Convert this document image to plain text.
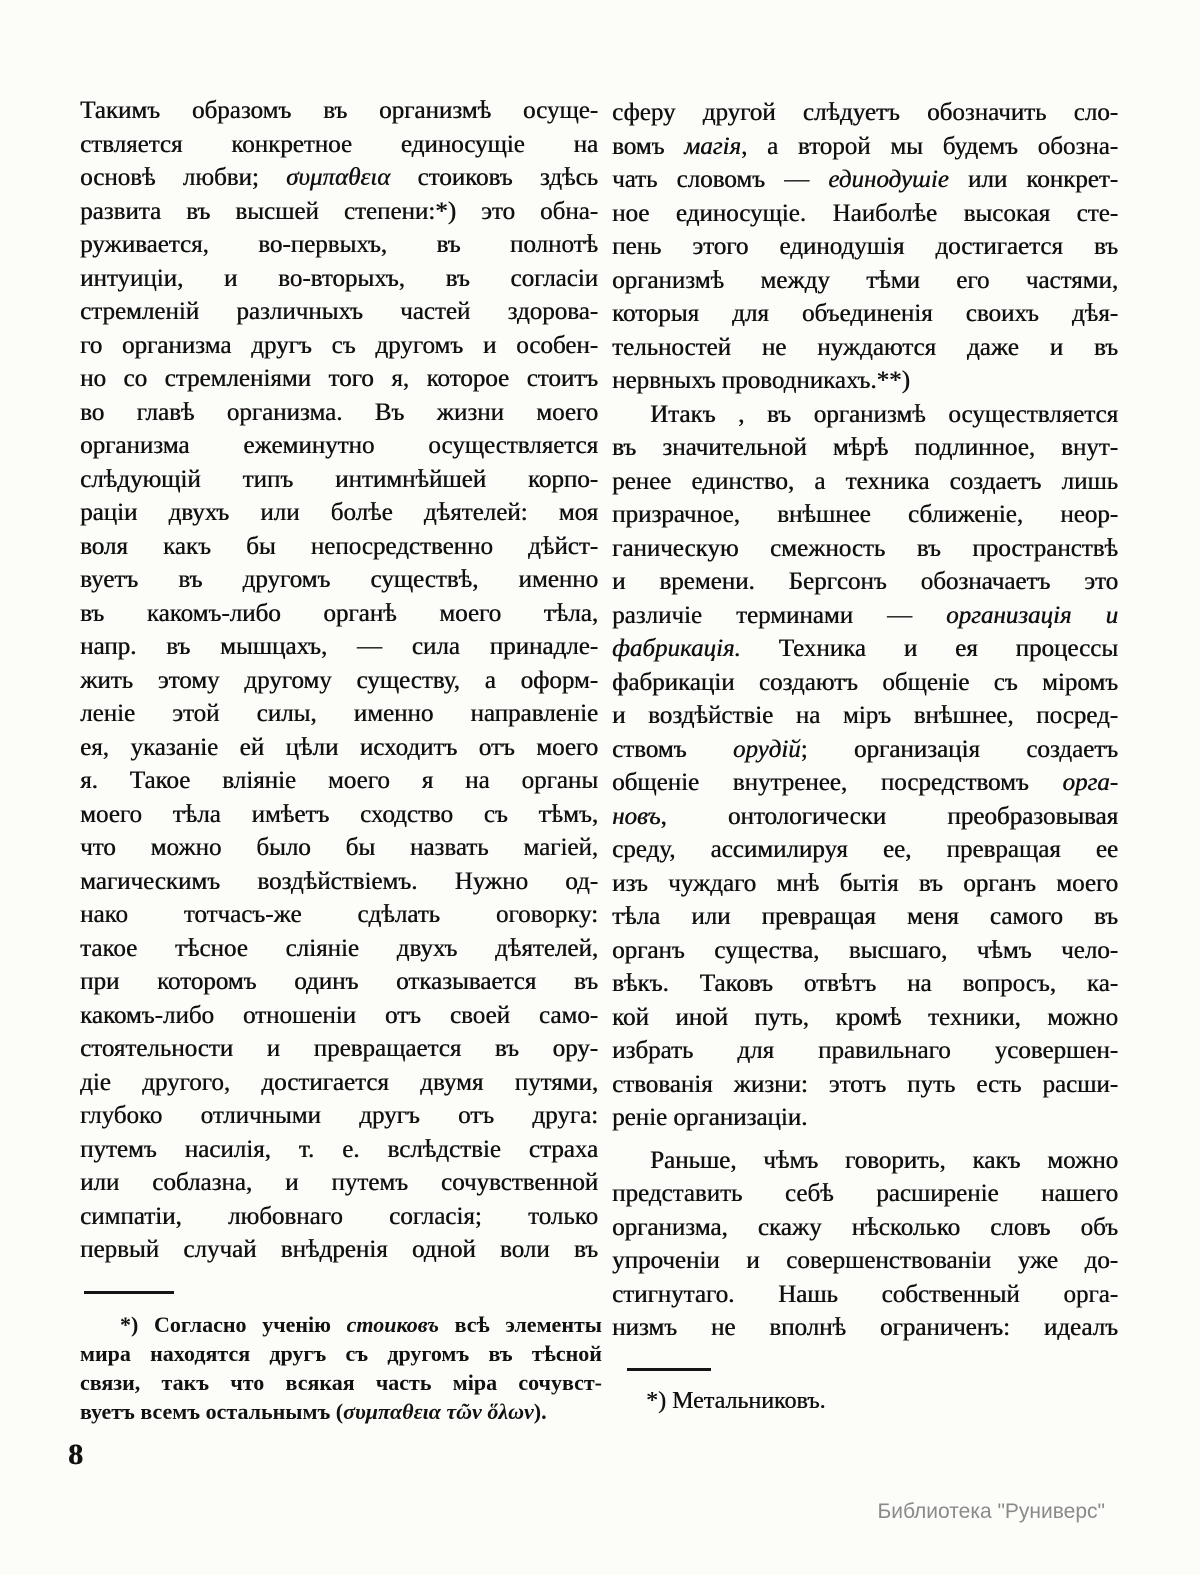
Такимъ образомъ въ организмѣ осуще-
ствляется конкретное единосущіе на
основѣ любви; συμπαθεια стоиковъ здѣсь
развита въ высшей степени:*) это обна-
руживается, во-первыхъ, въ полнотѣ
интуиціи, и во-вторыхъ, въ согласіи
стремленій различныхъ частей здорова-
го организма другъ съ другомъ и особен-
но со стремленіями того я, которое стоитъ
во главѣ организма. Въ жизни моего
организма ежеминутно осуществляется
слѣдующій типъ интимнѣйшей корпо-
раціи двухъ или болѣе дѣятелей: моя
воля какъ бы непосредственно дѣйст-
вуетъ въ другомъ существѣ, именно
въ какомъ-либо органѣ моего тѣла,
напр. въ мышцахъ, — сила принадле-
жить этому другому существу, а оформ-
леніе этой силы, именно направленіе
ея, указаніе ей цѣли исходитъ отъ моего
я. Такое вліяніе моего я на органы
моего тѣла имѣетъ сходство съ тѣмъ,
что можно было бы назвать магіей,
магическимъ воздѣйствіемъ. Нужно од-
нако тотчасъ-же сдѣлать оговорку:
такое тѣсное сліяніе двухъ дѣятелей,
при которомъ одинъ отказывается въ
какомъ-либо отношеніи отъ своей само-
стоятельности и превращается въ ору-
діе другого, достигается двумя путями,
глубоко отличными другъ отъ друга:
путемъ насилія, т. е. вслѣдствіе страха
или соблазна, и путемъ сочувственной
симпатіи, любовнаго согласія; только
первый случай внѣдренія одной воли въ
сферу другой слѣдуетъ обозначить сло-
вомъ магія, а второй мы будемъ обозна-
чать словомъ — единодушіе или конкрет-
ное единосущіе. Наиболѣе высокая сте-
пень этого единодушія достигается въ
организмѣ между тѣми его частями,
которыя для объединенія своихъ дѣя-
тельностей не нуждаются даже и въ
нервныхъ проводникахъ.**)
Итакъ , въ организмѣ осуществляется
въ значительной мѣрѣ подлинное, внут-
ренее единство, а техника создаетъ лишь
призрачное, внѣшнее сближеніе, неор-
ганическую смежность въ пространствѣ
и времени. Бергсонъ обозначаетъ это
различіе терминами — организація и
фабрикація. Техника и ея процессы
фабрикаціи создаютъ общеніе съ міромъ
и воздѣйствіе на міръ внѣшнее, посред-
ствомъ орудій; организація создаетъ
общеніе внутренее, посредствомъ орга-
новъ, онтологически преобразовывая
среду, ассимилируя ее, превращая ее
изъ чуждаго мнѣ бытія въ органъ моего
тѣла или превращая меня самого въ
органъ существа, высшаго, чѣмъ чело-
вѣкъ. Таковъ отвѣтъ на вопросъ, ка-
кой иной путь, кромѣ техники, можно
избрать для правильнаго усовершен-
ствованія жизни: этотъ путь есть расши-
реніе организаціи.
Раньше, чѣмъ говорить, какъ можно
представить себѣ расширеніе нашего
организма, скажу нѣсколько словъ объ
упроченіи и совершенствованіи уже до-
стигнутаго. Нашь собственный орга-
низмъ не вполнѣ ограниченъ: идеалъ
*) Согласно ученію стоиковъ всѣ элементы
мира находятся другъ съ другомъ въ тѣсной
связи, такъ что всякая часть міра сочувст-
вуетъ всемъ остальнымъ (συμπαθεια τῶν ὅλων).	*) Метальниковъ.
8
Библиотека "Руниверс"
